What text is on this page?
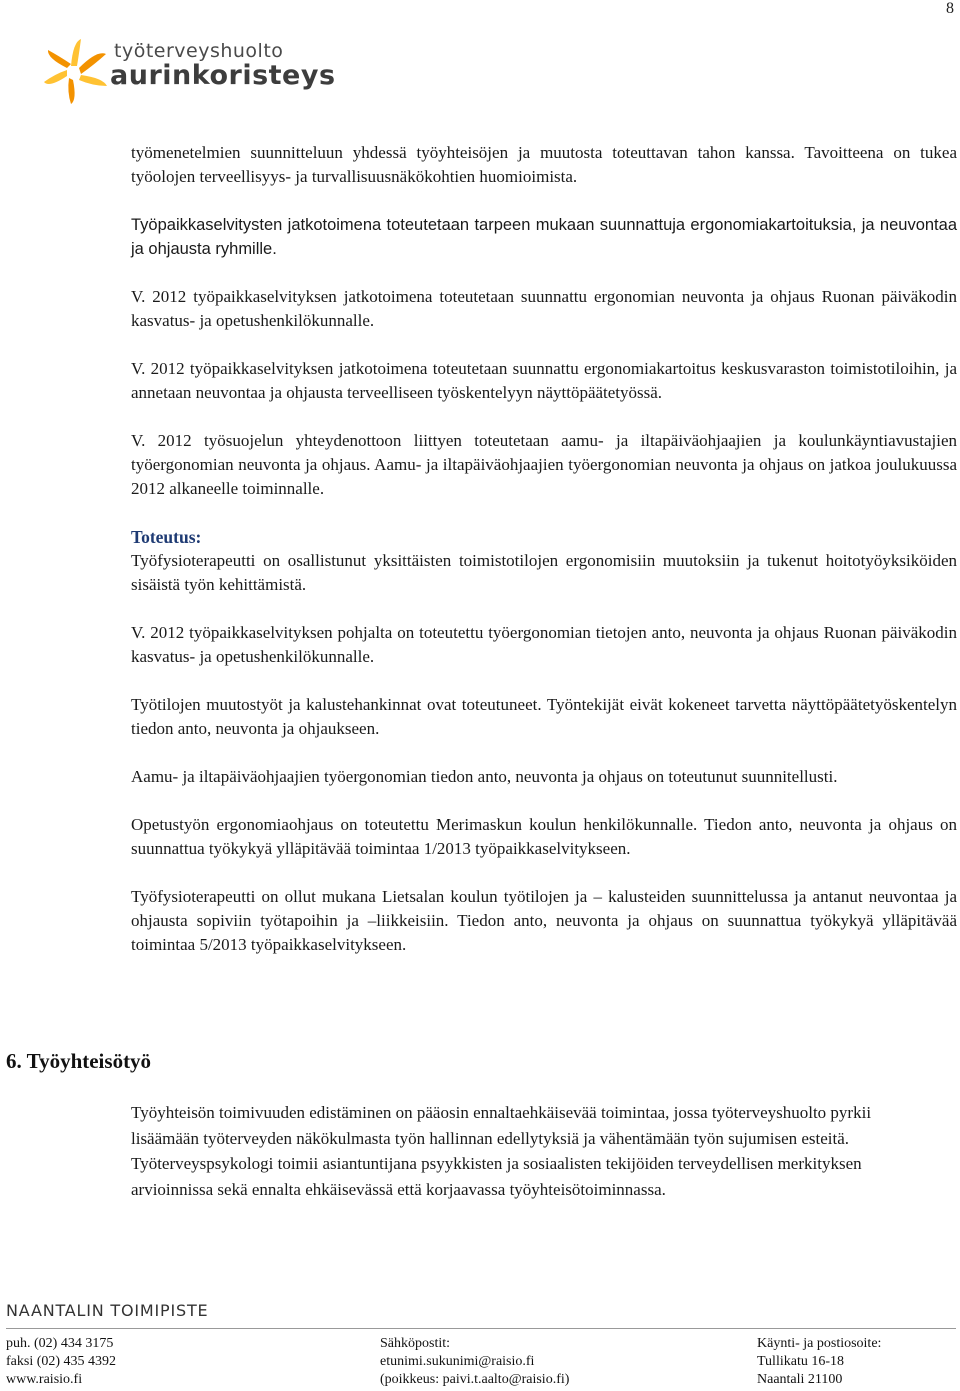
8
työterveyshuolto
aurinkoristeys

työmenetelmien suunnitteluun yhdessä työyhteisöjen ja muutosta toteuttavan tahon kanssa. Tavoitteena on tukea työolojen terveellisyys- ja turvallisuusnäkökohtien huomioimista.

Työpaikkaselvitysten jatkotoimena toteutetaan tarpeen mukaan suunnattuja ergonomiakartoituksia, ja neuvontaa ja ohjausta ryhmille.

V. 2012 työpaikkaselvityksen jatkotoimena toteutetaan suunnattu ergonomian neuvonta ja ohjaus Ruonan päiväkodin kasvatus- ja opetushenkilökunnalle.

V. 2012 työpaikkaselvityksen jatkotoimena toteutetaan suunnattu ergonomiakartoitus keskusvaraston toimistotiloihin, ja annetaan neuvontaa ja ohjausta terveelliseen työskentelyyn näyttöpäätetyössä.

V. 2012 työsuojelun yhteydenottoon liittyen toteutetaan aamu- ja iltapäiväohjaajien ja koulunkäyntiavustajien työergonomian neuvonta ja ohjaus. Aamu- ja iltapäiväohjaajien työergonomian neuvonta ja ohjaus on jatkoa joulukuussa 2012 alkaneelle toiminnalle.

Toteutus:
Työfysioterapeutti on osallistunut yksittäisten toimistotilojen ergonomisiin muutoksiin ja tukenut hoitotyöyksiköiden sisäistä työn kehittämistä.

V. 2012 työpaikkaselvityksen pohjalta on toteutettu työergonomian tietojen anto, neuvonta ja ohjaus Ruonan päiväkodin kasvatus- ja opetushenkilökunnalle.

Työtilojen muutostyöt ja kalustehankinnat ovat toteutuneet. Työntekijät eivät kokeneet tarvetta näyttöpäätetyöskentelyn tiedon anto, neuvonta ja ohjaukseen.

Aamu- ja iltapäiväohjaajien työergonomian tiedon anto, neuvonta ja ohjaus on toteutunut suunnitellusti.

Opetustyön ergonomiaohjaus on toteutettu Merimaskun koulun henkilökunnalle. Tiedon anto, neuvonta ja ohjaus on suunnattua työkykyä ylläpitävää toimintaa 1/2013 työpaikkaselvitykseen.

Työfysioterapeutti on ollut mukana Lietsalan koulun työtilojen ja – kalusteiden suunnittelussa ja antanut neuvontaa ja ohjausta sopiviin työtapoihin ja –liikkeisiin. Tiedon anto, neuvonta ja ohjaus on suunnattua työkykyä ylläpitävää toimintaa 5/2013 työpaikkaselvitykseen.

6. Työyhteisötyö
Työyhteisön toimivuuden edistäminen on pääosin ennaltaehkäisevää toimintaa, jossa työterveyshuolto pyrkii lisäämään työterveyden näkökulmasta työn hallinnan edellytyksiä ja vähentämään työn sujumisen esteitä. Työterveyspsykologi toimii asiantuntijana psyykkisten ja sosiaalisten tekijöiden terveydellisen merkityksen arvioinnissa sekä ennalta ehkäisevässä että korjaavassa työyhteisötoiminnassa.
NAANTALIN TOIMIPISTE
puh. (02) 434 3175
faksi (02) 435 4392
www.raisio.fi
Sähköpostit:
etunimi.sukunimi@raisio.fi
(poikkeus: paivi.t.aalto@raisio.fi)
Käynti- ja postiosoite:
Tullikatu 16-18
Naantali 21100
